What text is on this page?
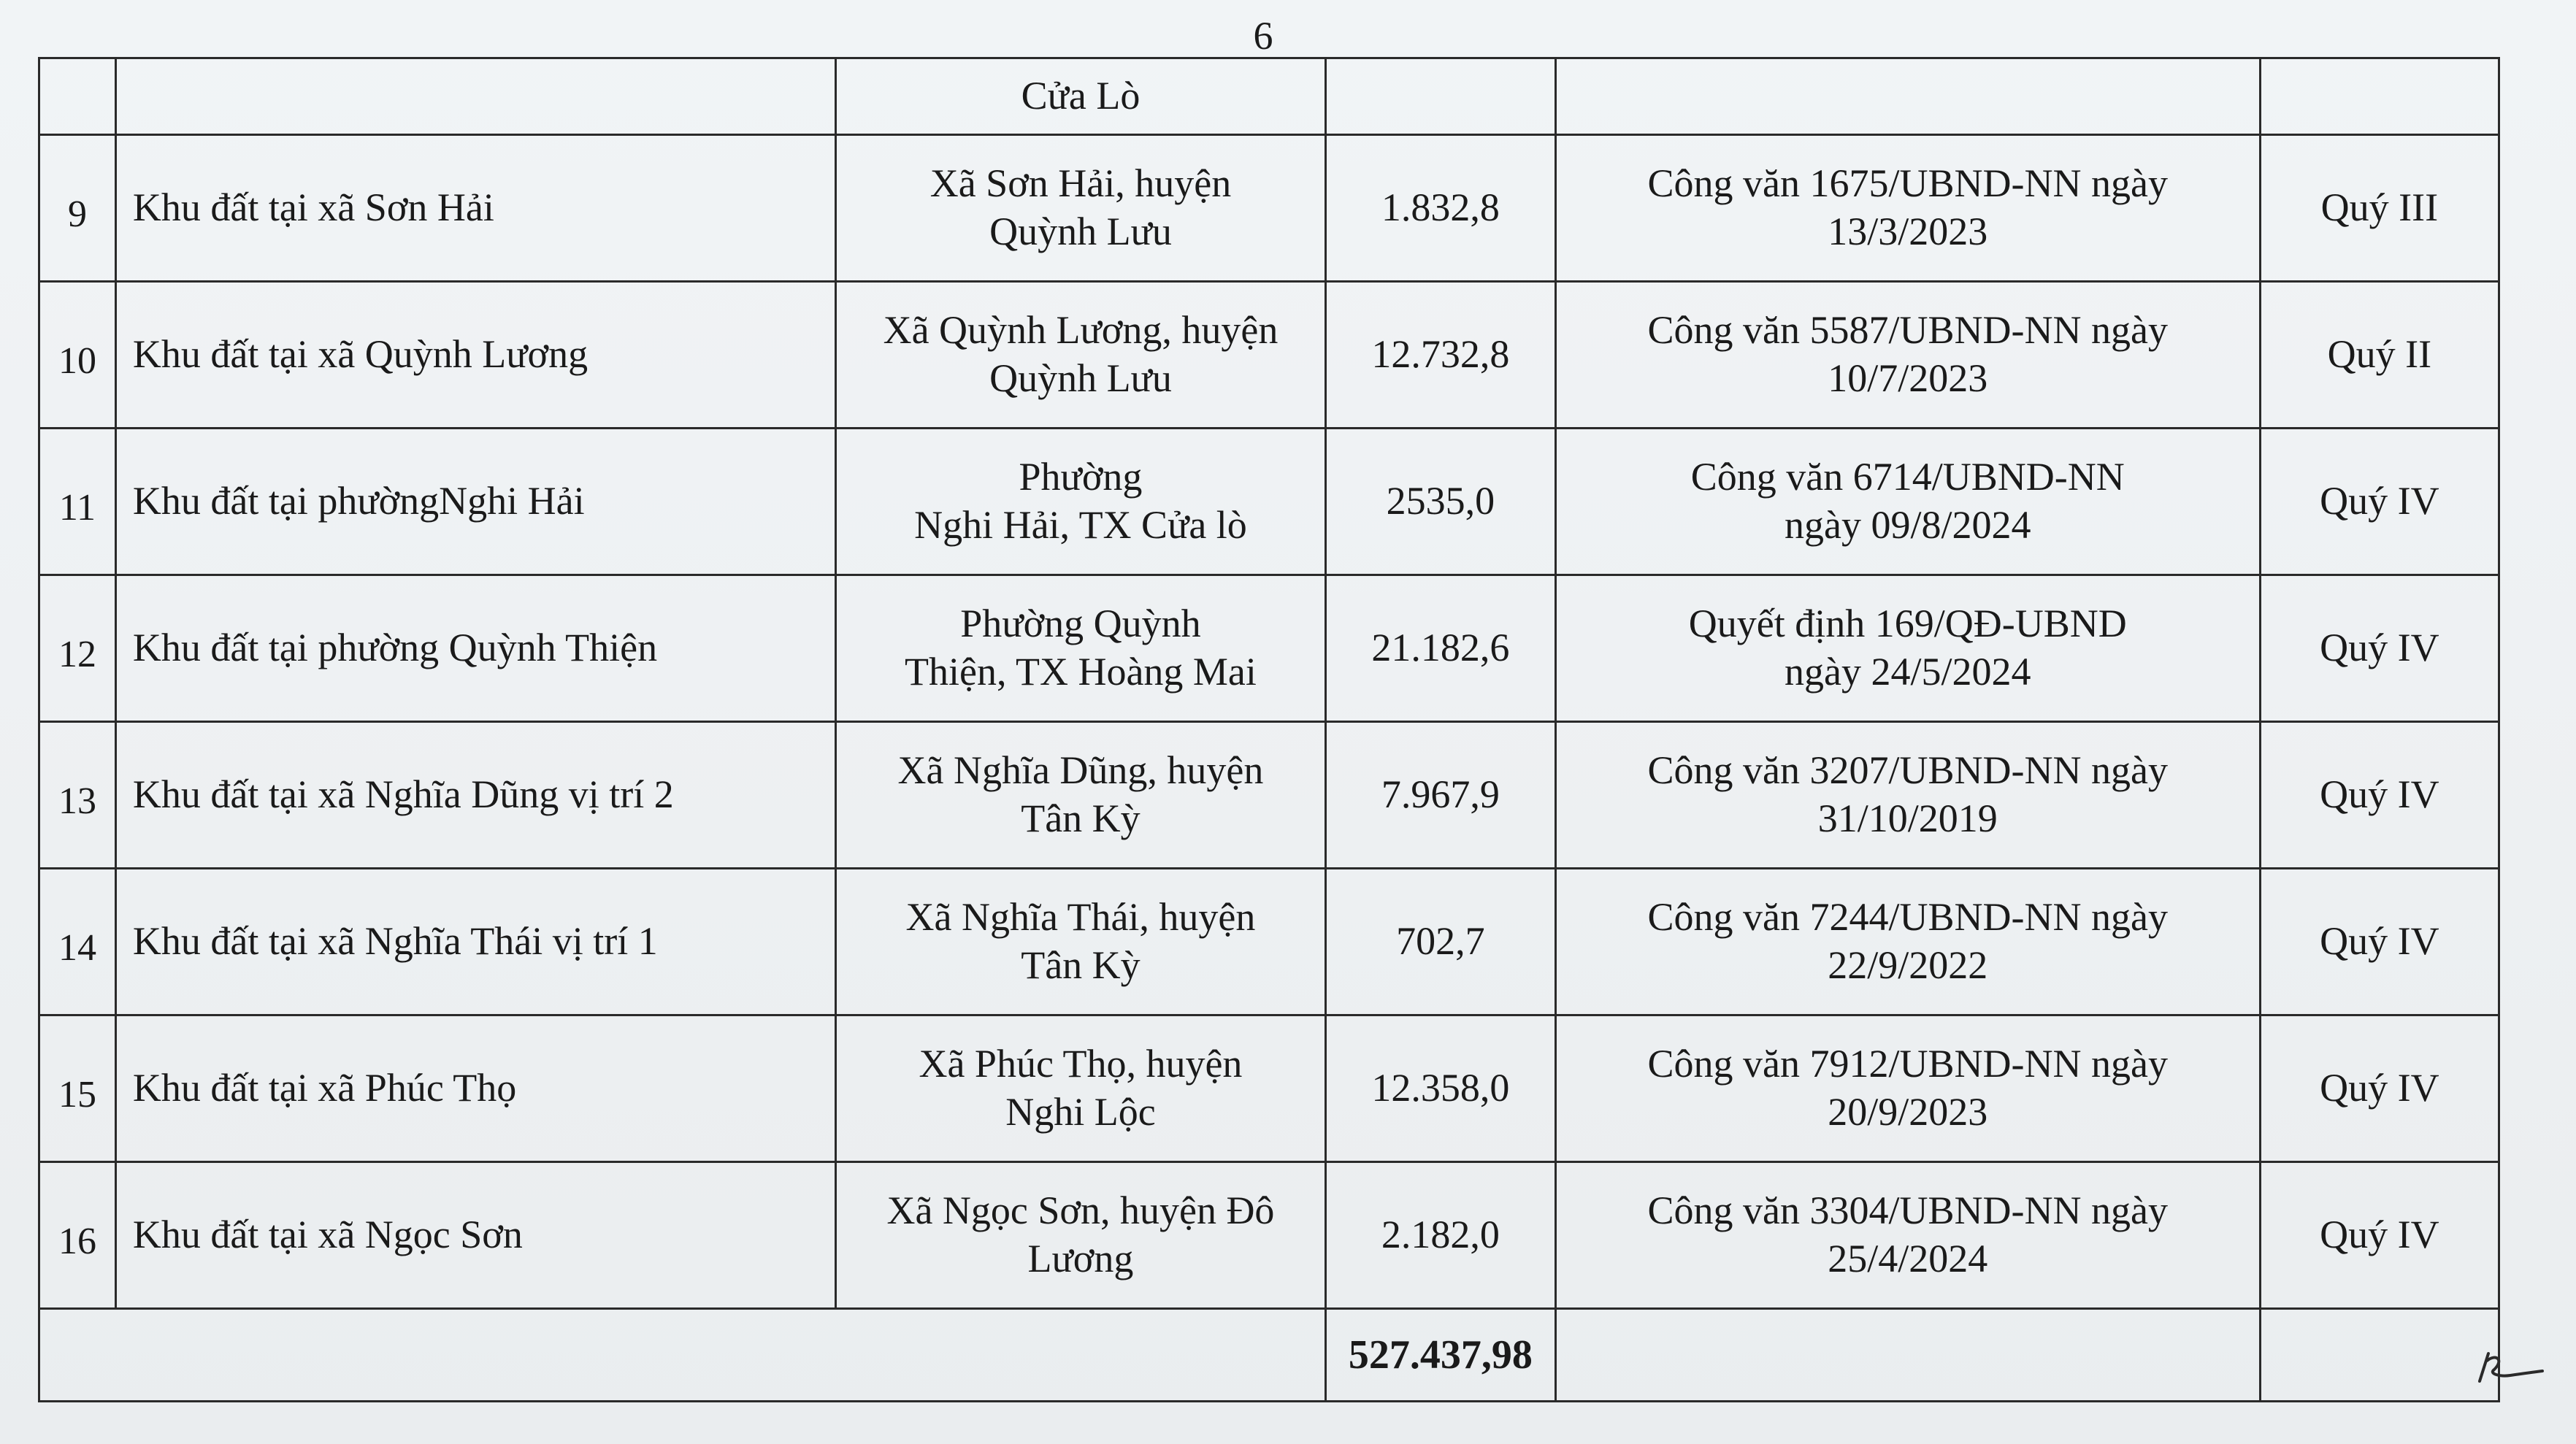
6

		Cửa Lò			

9	Khu đất tại xã Sơn Hải	Xã Sơn Hải, huyện
Quỳnh Lưu	1.832,8	Công văn 1675/UBND-NN ngày
13/3/2023	Quý III
10	Khu đất tại xã Quỳnh Lương	Xã Quỳnh Lương, huyện
Quỳnh Lưu	12.732,8	Công văn 5587/UBND-NN ngày
10/7/2023	Quý II
11	Khu đất tại phườngNghi Hải	Phường
Nghi Hải, TX Cửa lò	2535,0	Công văn 6714/UBND-NN
ngày 09/8/2024	Quý IV
12	Khu đất tại phường Quỳnh Thiện	Phường Quỳnh
Thiện, TX Hoàng Mai	21.182,6	Quyết định 169/QĐ-UBND
ngày 24/5/2024	Quý IV
13	Khu đất tại xã Nghĩa Dũng vị trí 2	Xã Nghĩa Dũng, huyện
Tân Kỳ	7.967,9	Công văn 3207/UBND-NN ngày
31/10/2019	Quý IV
14	Khu đất tại xã Nghĩa Thái vị trí 1	Xã Nghĩa Thái, huyện
Tân Kỳ	702,7	Công văn 7244/UBND-NN ngày
22/9/2022	Quý IV
15	Khu đất tại xã Phúc Thọ	Xã Phúc Thọ, huyện
Nghi Lộc	12.358,0	Công văn 7912/UBND-NN ngày
20/9/2023	Quý IV
16	Khu đất tại xã Ngọc Sơn	Xã Ngọc Sơn, huyện Đô
Lương	2.182,0	Công văn 3304/UBND-NN ngày
25/4/2024	Quý IV
			527.437,98		
